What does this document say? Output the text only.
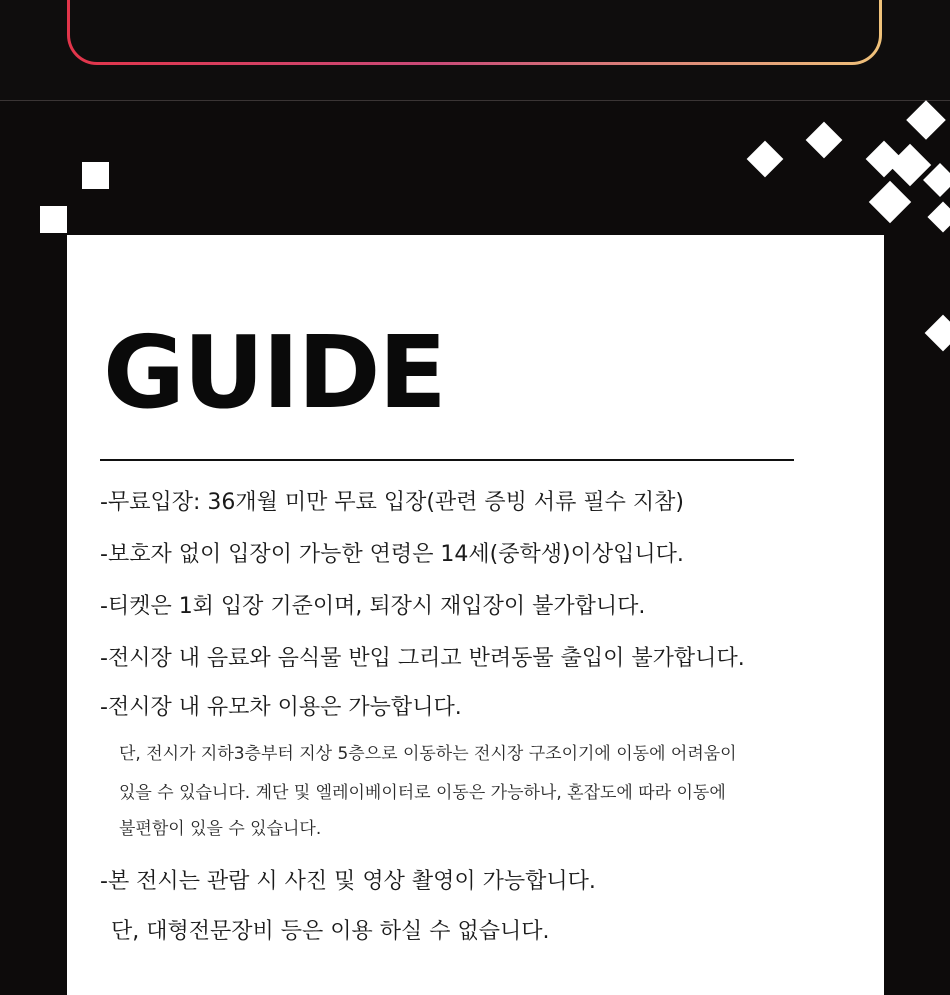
GUIDE
-무료입장: 36개월 미만 무료 입장(관련 증빙 서류 필수 지참)
-보호자 없이 입장이 가능한 연령은 14세(중학생)이상입니다.
-티켓은 1회 입장 기준이며, 퇴장시 재입장이 불가합니다.
-전시장 내 음료와 음식물 반입 그리고 반려동물 출입이 불가합니다.
-전시장 내 유모차 이용은 가능합니다.
단, 전시가 지하3층부터 지상 5층으로 이동하는 전시장 구조이기에 이동에 어려움이
있을 수 있습니다. 계단 및 엘레이베이터로 이동은 가능하나, 혼잡도에 따라 이동에
불편함이 있을 수 있습니다.
-본 전시는 관람 시 사진 및 영상 촬영이 가능합니다.
단, 대형전문장비 등은 이용 하실 수 없습니다.
